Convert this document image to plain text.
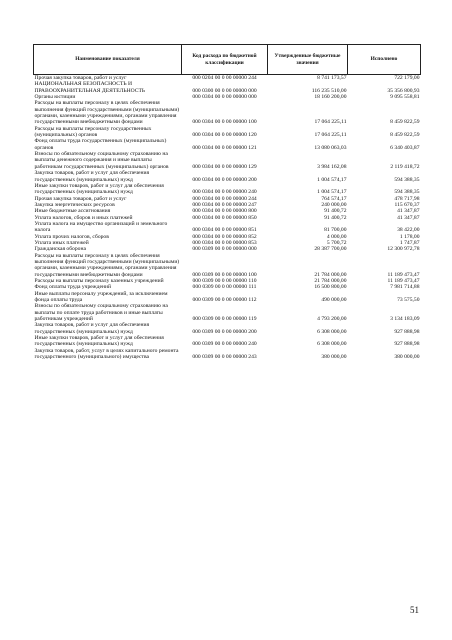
Наименование показателя	Код расхода по бюджетной классификации	Утвержденные бюджетные значения	Исполнено
Прочая закупка товаров, работ и услуг	000 0204 00 0 00 00000 244	8 741 173,57	722 179,00
НАЦИОНАЛЬНАЯ БЕЗОПАСНОСТЬ И ПРАВООХРАНИТЕЛЬНАЯ ДЕЯТЕЛЬНОСТЬ	000 0300 00 0 00 00000 000	116 235 510,00	35 356 800,93
Органы юстиции	000 0304 00 0 00 00000 000	18 160 200,00	9 095 558,81
Расходы на выплаты персоналу в целях обеспечения выполнения функций государственными (муниципальными) органами, казенными учреждениями, органами управления государственными внебюджетными фондами	000 0304 00 0 00 00000 100	17 064 225,11	8 459 822,59
Расходы на выплаты персоналу государственных (муниципальных) органов	000 0304 00 0 00 00000 120	17 064 225,11	8 459 822,59
Фонд оплаты труда государственных (муниципальных) органов	000 0304 00 0 00 00000 121	13 080 063,03	6 340 403,87
Взносы по обязательному социальному страхованию на выплаты денежного содержания и иные выплаты работникам государственных (муниципальных) органов	000 0304 00 0 00 00000 129	3 984 162,08	2 119 418,72
Закупка товаров, работ и услуг для обеспечения государственных (муниципальных) нужд	000 0304 00 0 00 00000 200	1 004 574,17	594 388,35
Иные закупки товаров, работ и услуг для обеспечения государственных (муниципальных) нужд	000 0304 00 0 00 00000 240	1 004 574,17	594 388,35
Прочая закупка товаров, работ и услуг	000 0304 00 0 00 00000 244	764 574,17	478 717,98
Закупка энергетических ресурсов	000 0304 00 0 00 00000 247	240 000,00	115 670,37
Иные бюджетные ассигнования	000 0304 00 0 00 00000 800	91 400,72	41 347,87
Уплата налогов, сборов и иных платежей	000 0304 00 0 00 00000 850	91 400,72	41 347,87
Уплата налога на имущество организаций и земельного налога	000 0304 00 0 00 00000 851	81 700,00	38 422,00
Уплата прочих налогов, сборов	000 0304 00 0 00 00000 852	4 000,00	1 178,00
Уплата иных платежей	000 0304 00 0 00 00000 853	5 700,72	1 747,87
Гражданская оборона	000 0309 00 0 00 00000 000	28 387 700,00	12 300 972,78
Расходы на выплаты персоналу в целях обеспечения выполнения функций государственными (муниципальными) органами, казенными учреждениями, органами управления государственными внебюджетными фондами	000 0309 00 0 00 00000 100	21 784 000,00	11 189 473,47
Расходы на выплаты персоналу казенных учреждений	000 0309 00 0 00 00000 110	21 784 000,00	11 189 473,47
Фонд оплаты труда учреждений	000 0309 00 0 00 00000 111	16 500 800,00	7 981 714,88
Иные выплаты персоналу учреждений, за исключением фонда оплаты труда	000 0309 00 0 00 00000 112	490 000,00	73 575,50
Взносы по обязательному социальному страхованию на выплаты по оплате труда работников и иные выплаты работникам учреждений	000 0309 00 0 00 00000 119	4 793 200,00	3 134 183,09
Закупка товаров, работ и услуг для обеспечения государственных (муниципальных) нужд	000 0309 00 0 00 00000 200	6 308 000,00	927 888,98
Иные закупки товаров, работ и услуг для обеспечения государственных (муниципальных) нужд	000 0309 00 0 00 00000 240	6 308 000,00	927 888,98
Закупка товаров, работ, услуг в целях капитального ремонта государственного (муниципального) имущества	000 0309 00 0 00 00000 243	380 000,00	380 000,00
51
